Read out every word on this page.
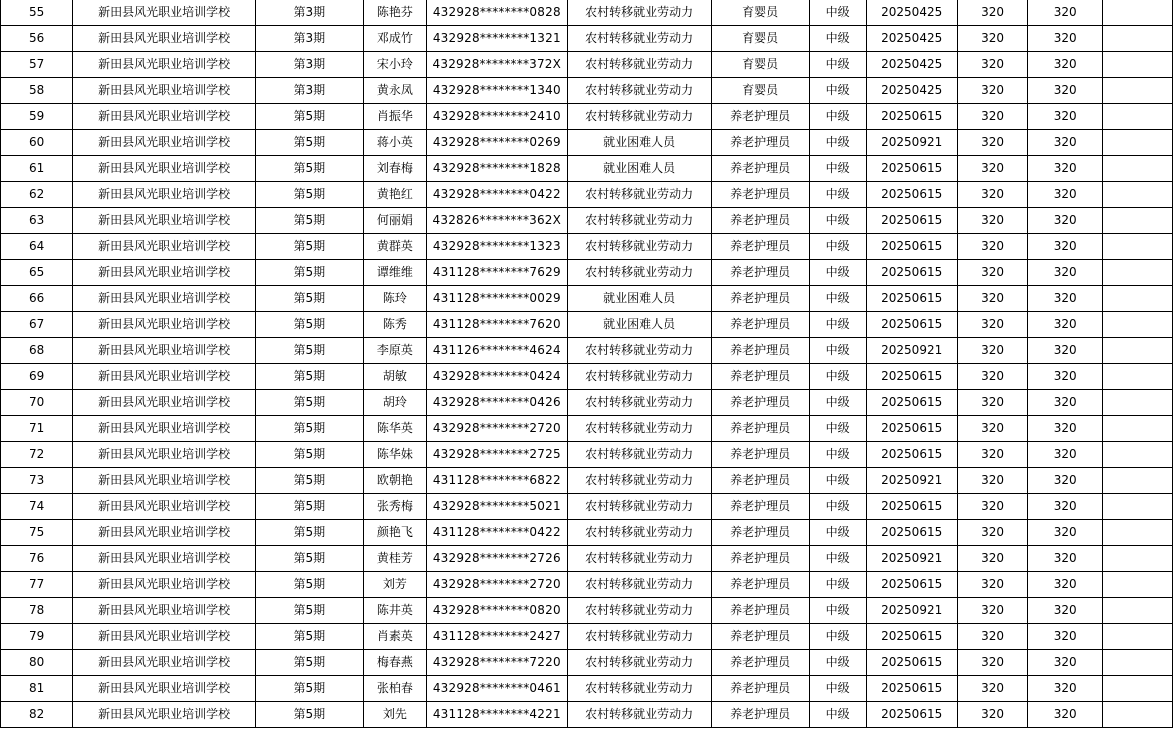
55	新田县风光职业培训学校	第3期	陈艳芬	432928********0828	农村转移就业劳动力	育婴员	中级	20250425	320	320	
56	新田县风光职业培训学校	第3期	邓成竹	432928********1321	农村转移就业劳动力	育婴员	中级	20250425	320	320	
57	新田县风光职业培训学校	第3期	宋小玲	432928********372X	农村转移就业劳动力	育婴员	中级	20250425	320	320	
58	新田县风光职业培训学校	第3期	黄永凤	432928********1340	农村转移就业劳动力	育婴员	中级	20250425	320	320	
59	新田县风光职业培训学校	第5期	肖振华	432928********2410	农村转移就业劳动力	养老护理员	中级	20250615	320	320	
60	新田县风光职业培训学校	第5期	蒋小英	432928********0269	就业困难人员	养老护理员	中级	20250921	320	320	
61	新田县风光职业培训学校	第5期	刘春梅	432928********1828	就业困难人员	养老护理员	中级	20250615	320	320	
62	新田县风光职业培训学校	第5期	黄艳红	432928********0422	农村转移就业劳动力	养老护理员	中级	20250615	320	320	
63	新田县风光职业培训学校	第5期	何丽娟	432826********362X	农村转移就业劳动力	养老护理员	中级	20250615	320	320	
64	新田县风光职业培训学校	第5期	黄群英	432928********1323	农村转移就业劳动力	养老护理员	中级	20250615	320	320	
65	新田县风光职业培训学校	第5期	谭维维	431128********7629	农村转移就业劳动力	养老护理员	中级	20250615	320	320	
66	新田县风光职业培训学校	第5期	陈玲	431128********0029	就业困难人员	养老护理员	中级	20250615	320	320	
67	新田县风光职业培训学校	第5期	陈秀	431128********7620	就业困难人员	养老护理员	中级	20250615	320	320	
68	新田县风光职业培训学校	第5期	李原英	431126********4624	农村转移就业劳动力	养老护理员	中级	20250921	320	320	
69	新田县风光职业培训学校	第5期	胡敏	432928********0424	农村转移就业劳动力	养老护理员	中级	20250615	320	320	
70	新田县风光职业培训学校	第5期	胡玲	432928********0426	农村转移就业劳动力	养老护理员	中级	20250615	320	320	
71	新田县风光职业培训学校	第5期	陈华英	432928********2720	农村转移就业劳动力	养老护理员	中级	20250615	320	320	
72	新田县风光职业培训学校	第5期	陈华妹	432928********2725	农村转移就业劳动力	养老护理员	中级	20250615	320	320	
73	新田县风光职业培训学校	第5期	欧朝艳	431128********6822	农村转移就业劳动力	养老护理员	中级	20250921	320	320	
74	新田县风光职业培训学校	第5期	张秀梅	432928********5021	农村转移就业劳动力	养老护理员	中级	20250615	320	320	
75	新田县风光职业培训学校	第5期	颜艳飞	431128********0422	农村转移就业劳动力	养老护理员	中级	20250615	320	320	
76	新田县风光职业培训学校	第5期	黄桂芳	432928********2726	农村转移就业劳动力	养老护理员	中级	20250921	320	320	
77	新田县风光职业培训学校	第5期	刘芳	432928********2720	农村转移就业劳动力	养老护理员	中级	20250615	320	320	
78	新田县风光职业培训学校	第5期	陈井英	432928********0820	农村转移就业劳动力	养老护理员	中级	20250921	320	320	
79	新田县风光职业培训学校	第5期	肖素英	431128********2427	农村转移就业劳动力	养老护理员	中级	20250615	320	320	
80	新田县风光职业培训学校	第5期	梅春燕	432928********7220	农村转移就业劳动力	养老护理员	中级	20250615	320	320	
81	新田县风光职业培训学校	第5期	张柏春	432928********0461	农村转移就业劳动力	养老护理员	中级	20250615	320	320	
82	新田县风光职业培训学校	第5期	刘先	431128********4221	农村转移就业劳动力	养老护理员	中级	20250615	320	320	
